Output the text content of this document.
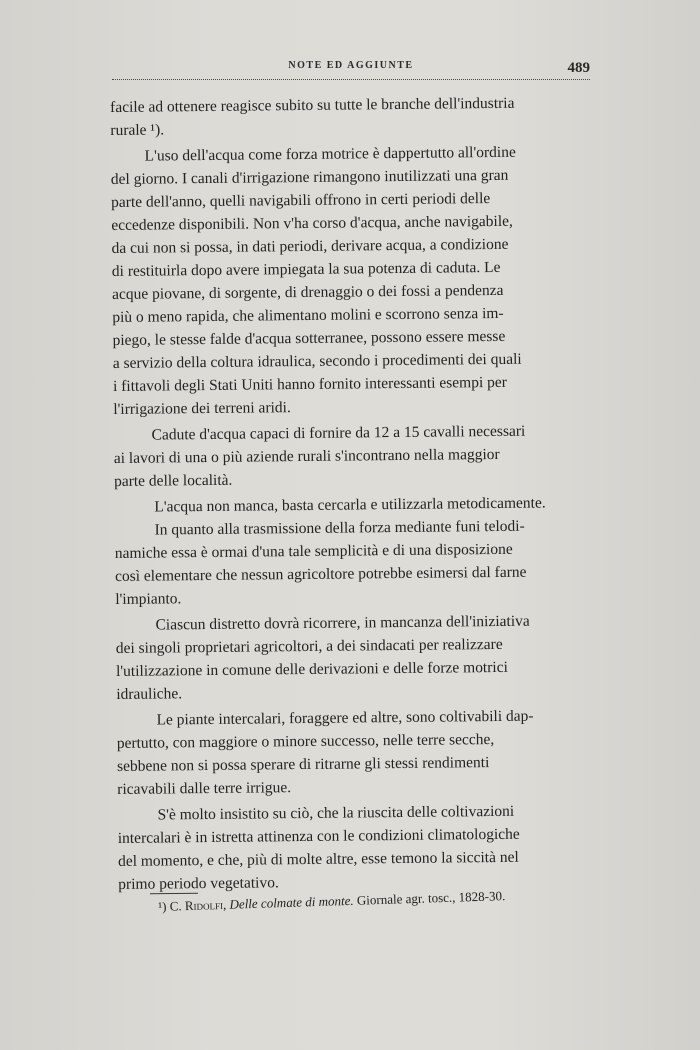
NOTE ED AGGIUNTE	489
facile ad ottenere reagisce subito su tutte le branche dell'industria
rurale ¹).
L'uso dell'acqua come forza motrice è dappertutto all'ordine
del giorno. I canali d'irrigazione rimangono inutilizzati una gran
parte dell'anno, quelli navigabili offrono in certi periodi delle
eccedenze disponibili. Non v'ha corso d'acqua, anche navigabile,
da cui non si possa, in dati periodi, derivare acqua, a condizione
di restituirla dopo avere impiegata la sua potenza di caduta. Le
acque piovane, di sorgente, di drenaggio o dei fossi a pendenza
più o meno rapida, che alimentano molini e scorrono senza im-
piego, le stesse falde d'acqua sotterranee, possono essere messe
a servizio della coltura idraulica, secondo i procedimenti dei quali
i fittavoli degli Stati Uniti hanno fornito interessanti esempi per
l'irrigazione dei terreni aridi.
Cadute d'acqua capaci di fornire da 12 a 15 cavalli necessari
ai lavori di una o più aziende rurali s'incontrano nella maggior
parte delle località.
L'acqua non manca, basta cercarla e utilizzarla metodicamente.
In quanto alla trasmissione della forza mediante funi telodi-
namiche essa è ormai d'una tale semplicità e di una disposizione
così elementare che nessun agricoltore potrebbe esimersi dal farne
l'impianto.
Ciascun distretto dovrà ricorrere, in mancanza dell'iniziativa
dei singoli proprietari agricoltori, a dei sindacati per realizzare
l'utilizzazione in comune delle derivazioni e delle forze motrici
idrauliche.
Le piante intercalari, foraggere ed altre, sono coltivabili dap-
pertutto, con maggiore o minore successo, nelle terre secche,
sebbene non si possa sperare di ritrarne gli stessi rendimenti
ricavabili dalle terre irrigue.
S'è molto insistito su ciò, che la riuscita delle coltivazioni
intercalari è in istretta attinenza con le condizioni climatologiche
del momento, e che, più di molte altre, esse temono la siccità nel
primo periodo vegetativo.
¹) C. Ridolfi, Delle colmate di monte. Giornale agr. tosc., 1828-30.
